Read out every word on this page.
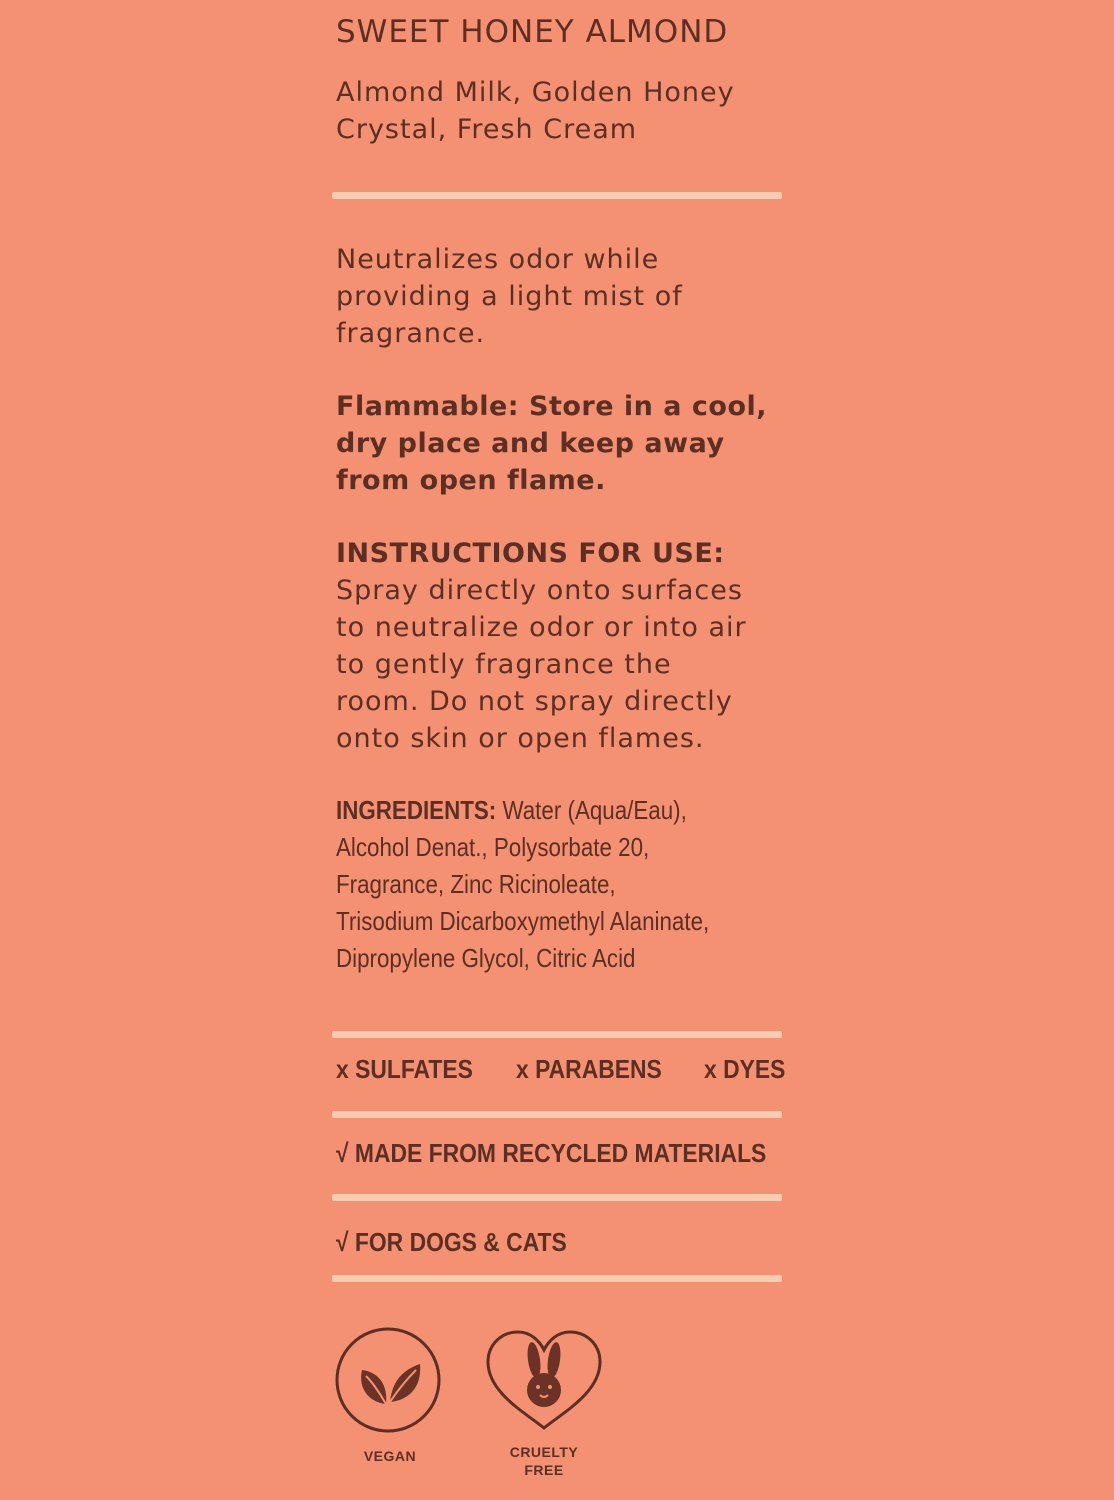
SWEET HONEY ALMOND
Almond Milk, Golden Honey
Crystal, Fresh Cream
Neutralizes odor while
providing a light mist of
fragrance.
Flammable: Store in a cool,
dry place and keep away
from open flame.
INSTRUCTIONS FOR USE:
Spray directly onto surfaces
to neutralize odor or into air
to gently fragrance the
room. Do not spray directly
onto skin or open flames.
INGREDIENTS: Water (Aqua/Eau),
Alcohol Denat., Polysorbate 20,
Fragrance, Zinc Ricinoleate,
Trisodium Dicarboxymethyl Alaninate,
Dipropylene Glycol, Citric Acid
x SULFATES x PARABENS x DYES
√ MADE FROM RECYCLED MATERIALS
√ FOR DOGS & CATS
VEGAN	CRUELTY
FREE
